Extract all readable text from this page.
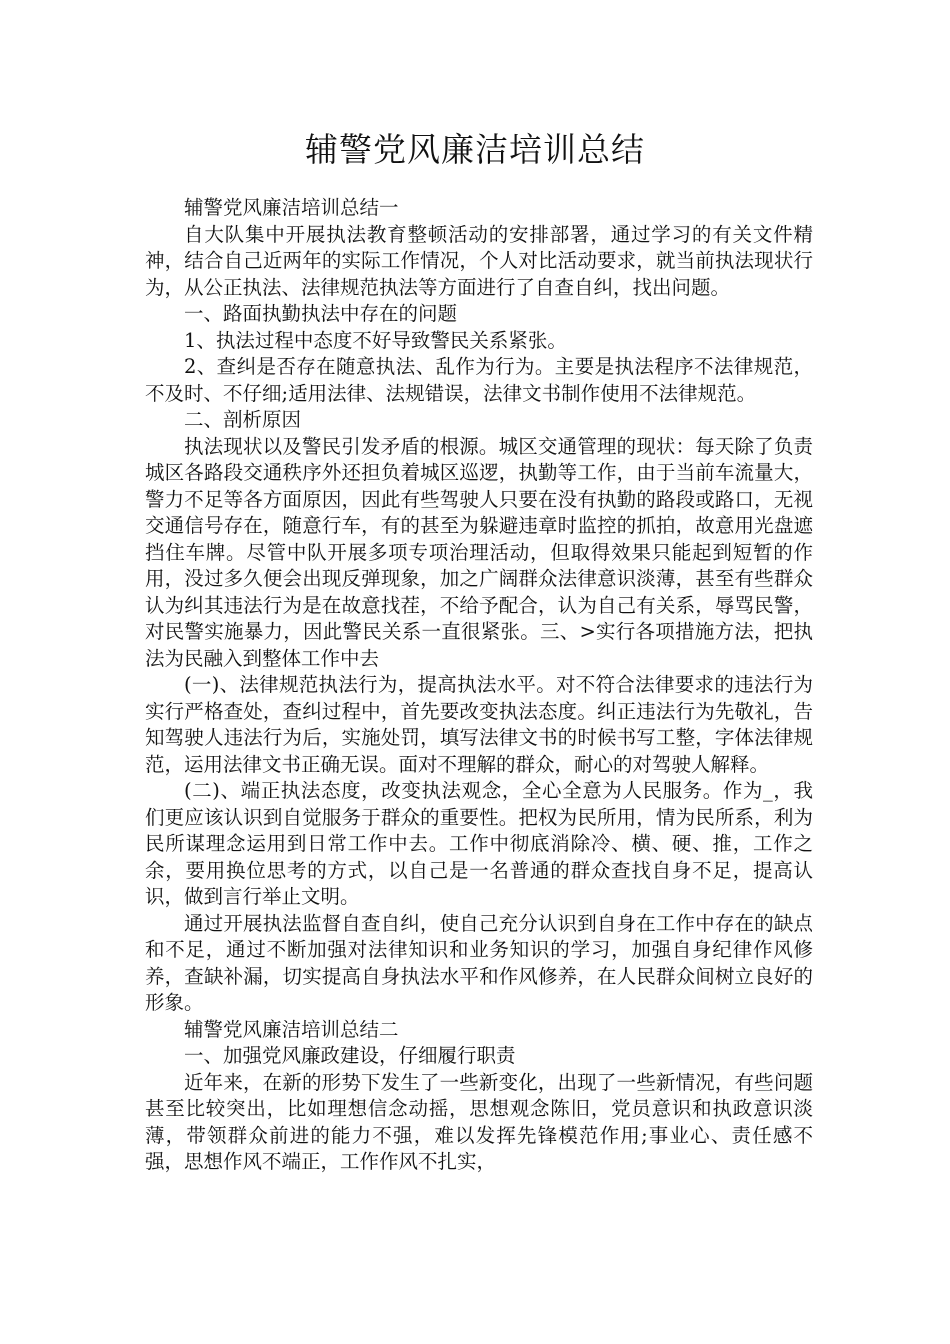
辅警党风廉洁培训总结

辅警党风廉洁培训总结一

自大队集中开展执法教育整顿活动的安排部署，通过学习的有关文件精神，结合自己近两年的实际工作情况，个人对比活动要求，就当前执法现状行为，从公正执法、法律规范执法等方面进行了自查自纠，找出问题。

一、路面执勤执法中存在的问题

1、执法过程中态度不好导致警民关系紧张。

2、查纠是否存在随意执法、乱作为行为。主要是执法程序不法律规范，不及时、不仔细;适用法律、法规错误，法律文书制作使用不法律规范。

二、剖析原因

执法现状以及警民引发矛盾的根源。城区交通管理的现状：每天除了负责城区各路段交通秩序外还担负着城区巡逻，执勤等工作，由于当前车流量大，警力不足等各方面原因，因此有些驾驶人只要在没有执勤的路段或路口，无视交通信号存在，随意行车，有的甚至为躲避违章时监控的抓拍，故意用光盘遮挡住车牌。尽管中队开展多项专项治理活动，但取得效果只能起到短暂的作用，没过多久便会出现反弹现象，加之广阔群众法律意识淡薄，甚至有些群众认为纠其违法行为是在故意找茬，不给予配合，认为自己有关系，辱骂民警，对民警实施暴力，因此警民关系一直很紧张。三、>实行各项措施方法，把执法为民融入到整体工作中去

(一)、法律规范执法行为，提高执法水平。对不符合法律要求的违法行为实行严格查处，查纠过程中，首先要改变执法态度。纠正违法行为先敬礼，告知驾驶人违法行为后，实施处罚，填写法律文书的时候书写工整，字体法律规范，运用法律文书正确无误。面对不理解的群众，耐心的对驾驶人解释。

(二)、端正执法态度，改变执法观念，全心全意为人民服务。作为_，我们更应该认识到自觉服务于群众的重要性。把权为民所用，情为民所系，利为民所谋理念运用到日常工作中去。工作中彻底消除冷、横、硬、推，工作之余，要用换位思考的方式，以自己是一名普通的群众查找自身不足，提高认识，做到言行举止文明。

通过开展执法监督自查自纠，使自己充分认识到自身在工作中存在的缺点和不足，通过不断加强对法律知识和业务知识的学习，加强自身纪律作风修养，查缺补漏，切实提高自身执法水平和作风修养，在人民群众间树立良好的形象。

辅警党风廉洁培训总结二

一、加强党风廉政建设，仔细履行职责

近年来，在新的形势下发生了一些新变化，出现了一些新情况，有些问题甚至比较突出，比如理想信念动摇，思想观念陈旧，党员意识和执政意识淡薄，带领群众前进的能力不强，难以发挥先锋模范作用;事业心、责任感不强，思想作风不端正，工作作风不扎实，
